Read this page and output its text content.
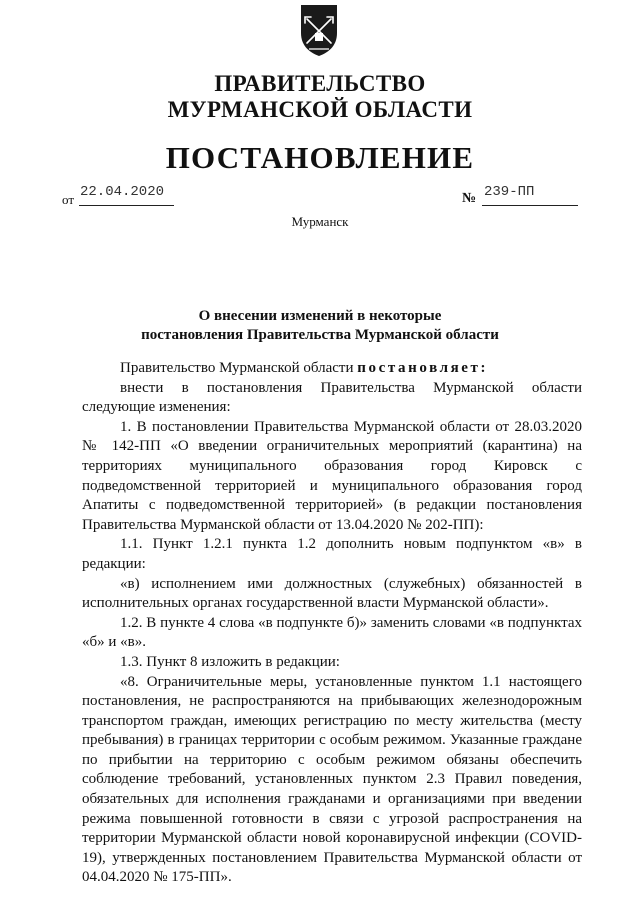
ПРАВИТЕЛЬСТВО
МУРМАНСКОЙ ОБЛАСТИ
ПОСТАНОВЛЕНИЕ
от 22.04.2020	№ 239-ПП
Мурманск
О внесении изменений в некоторые
постановления Правительства Мурманской области

Правительство Мурманской области постановляет:

внести в постановления Правительства Мурманской области следующие изменения:

1. В постановлении Правительства Мурманской области от 28.03.2020 № 142-ПП «О введении ограничительных мероприятий (карантина) на территориях муниципального образования город Кировск с подведомственной территорией и муниципального образования город Апатиты с подведомственной территорией» (в редакции постановления Правительства Мурманской области от 13.04.2020 № 202-ПП):

1.1. Пункт 1.2.1 пункта 1.2 дополнить новым подпунктом «в» в редакции:

«в) исполнением ими должностных (служебных) обязанностей в исполнительных органах государственной власти Мурманской области».

1.2. В пункте 4 слова «в подпункте б)» заменить словами «в подпунктах «б» и «в».

1.3. Пункт 8 изложить в редакции:

«8. Ограничительные меры, установленные пунктом 1.1 настоящего постановления, не распространяются на прибывающих железнодорожным транспортом граждан, имеющих регистрацию по месту жительства (месту пребывания) в границах территории с особым режимом. Указанные граждане по прибытии на территорию с особым режимом обязаны обеспечить соблюдение требований, установленных пунктом 2.3 Правил поведения, обязательных для исполнения гражданами и организациями при введении режима повышенной готовности в связи с угрозой распространения на территории Мурманской области новой коронавирусной инфекции (COVID-19), утвержденных постановлением Правительства Мурманской области от 04.04.2020 № 175-ПП».
